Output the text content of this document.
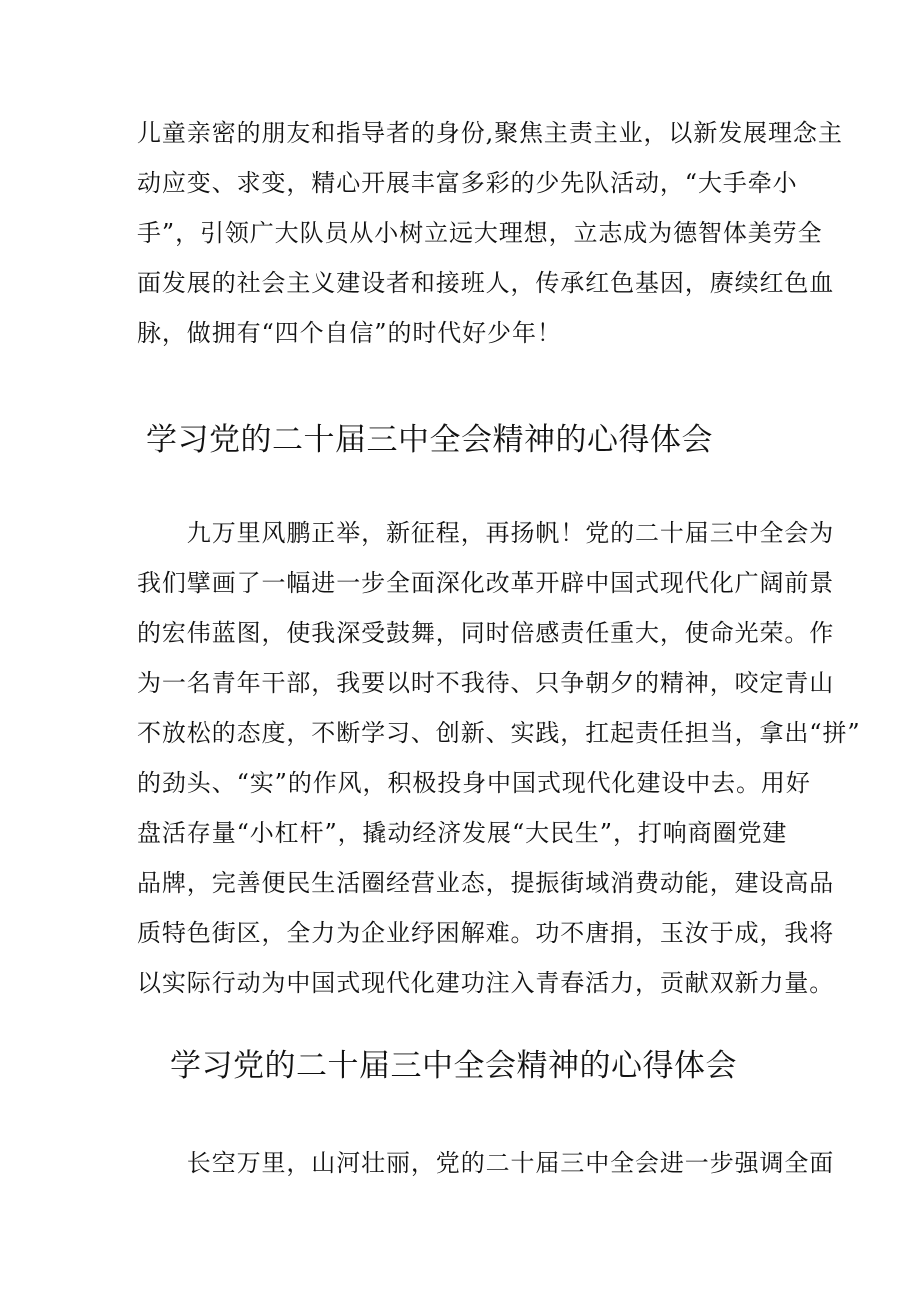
儿童亲密的朋友和指导者的身份,聚焦主责主业，以新发展理念主
动应变、求变，精心开展丰富多彩的少先队活动，“大手牵小
手”，引领广大队员从小树立远大理想，立志成为德智体美劳全
面发展的社会主义建设者和接班人，传承红色基因，赓续红色血
脉，做拥有“四个自信”的时代好少年！
学习党的二十届三中全会精神的心得体会
　　九万里风鹏正举，新征程，再扬帆！党的二十届三中全会为
我们擘画了一幅进一步全面深化改革开辟中国式现代化广阔前景
的宏伟蓝图，使我深受鼓舞，同时倍感责任重大，使命光荣。作
为一名青年干部，我要以时不我待、只争朝夕的精神，咬定青山
不放松的态度，不断学习、创新、实践，扛起责任担当，拿出“拼”
的劲头、“实”的作风，积极投身中国式现代化建设中去。用好
盘活存量“小杠杆”，撬动经济发展“大民生”，打响商圈党建
品牌，完善便民生活圈经营业态，提振街域消费动能，建设高品
质特色街区，全力为企业纾困解难。功不唐捐，玉汝于成，我将
以实际行动为中国式现代化建功注入青春活力，贡献双新力量。
学习党的二十届三中全会精神的心得体会
　　长空万里，山河壮丽，党的二十届三中全会进一步强调全面
